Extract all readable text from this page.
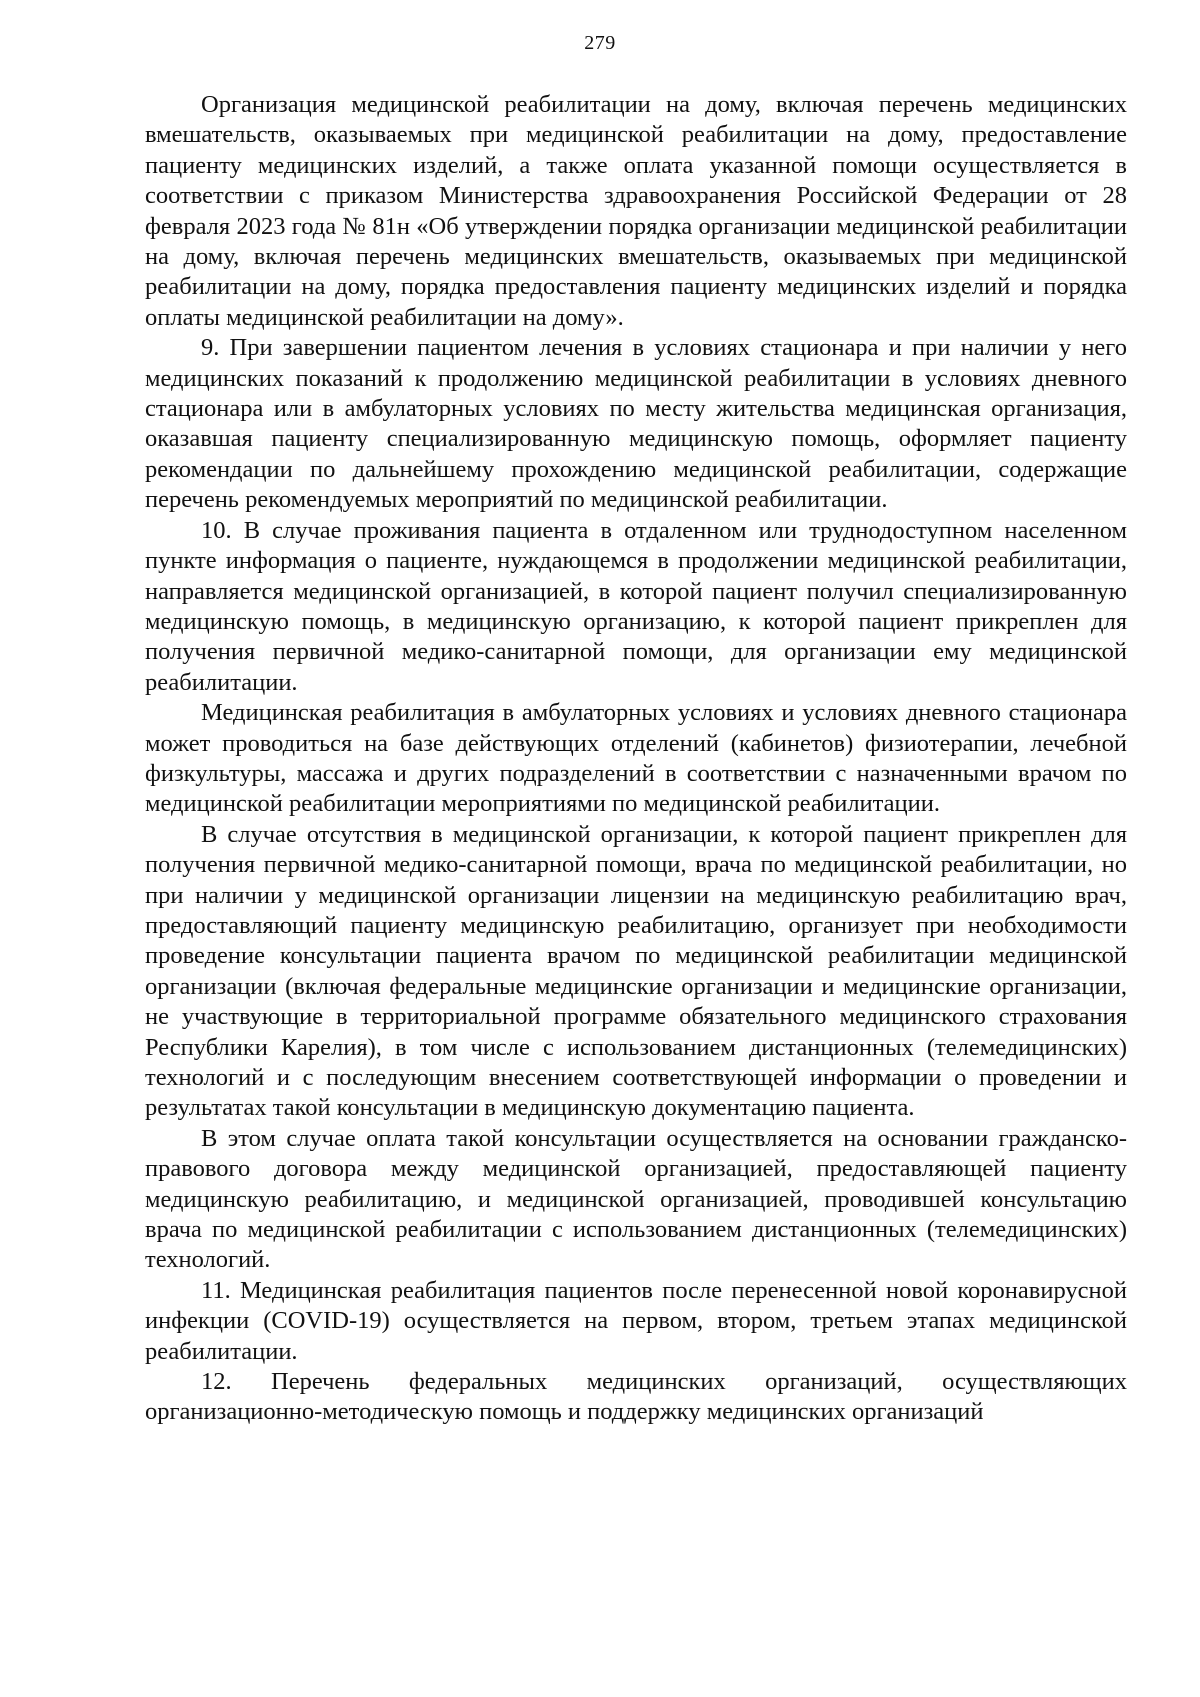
279

Организация медицинской реабилитации на дому, включая перечень медицинских вмешательств, оказываемых при медицинской реабилитации на дому, предоставление пациенту медицинских изделий, а также оплата указанной помощи осуществляется в соответствии с приказом Министерства здравоохранения Российской Федерации от 28 февраля 2023 года № 81н «Об утверждении порядка организации медицинской реабилитации на дому, включая перечень медицинских вмешательств, оказываемых при медицинской реабилитации на дому, порядка предоставления пациенту медицинских изделий и порядка оплаты медицинской реабилитации на дому».

9. При завершении пациентом лечения в условиях стационара и при наличии у него медицинских показаний к продолжению медицинской реабилитации в условиях дневного стационара или в амбулаторных условиях по месту жительства медицинская организация, оказавшая пациенту специализированную медицинскую помощь, оформляет пациенту рекомендации по дальнейшему прохождению медицинской реабилитации, содержащие перечень рекомендуемых мероприятий по медицинской реабилитации.

10. В случае проживания пациента в отдаленном или труднодоступном населенном пункте информация о пациенте, нуждающемся в продолжении медицинской реабилитации, направляется медицинской организацией, в которой пациент получил специализированную медицинскую помощь, в медицинскую организацию, к которой пациент прикреплен для получения первичной медико-санитарной помощи, для организации ему медицинской реабилитации.

Медицинская реабилитация в амбулаторных условиях и условиях дневного стационара может проводиться на базе действующих отделений (кабинетов) физиотерапии, лечебной физкультуры, массажа и других подразделений в соответствии с назначенными врачом по медицинской реабилитации мероприятиями по медицинской реабилитации.

В случае отсутствия в медицинской организации, к которой пациент прикреплен для получения первичной медико-санитарной помощи, врача по медицинской реабилитации, но при наличии у медицинской организации лицензии на медицинскую реабилитацию врач, предоставляющий пациенту медицинскую реабилитацию, организует при необходимости проведение консультации пациента врачом по медицинской реабилитации медицинской организации (включая федеральные медицинские организации и медицинские организации, не участвующие в территориальной программе обязательного медицинского страхования Республики Карелия), в том числе с использованием дистанционных (телемедицинских) технологий и с последующим внесением соответствующей информации о проведении и результатах такой консультации в медицинскую документацию пациента.

В этом случае оплата такой консультации осуществляется на основании гражданско-правового договора между медицинской организацией, предоставляющей пациенту медицинскую реабилитацию, и медицинской организацией, проводившей консультацию врача по медицинской реабилитации с использованием дистанционных (телемедицинских) технологий.

11. Медицинская реабилитация пациентов после перенесенной новой коронавирусной инфекции (COVID-19) осуществляется на первом, втором, третьем этапах медицинской реабилитации.

12. Перечень федеральных медицинских организаций, осуществляющих организационно-методическую помощь и поддержку медицинских организаций
